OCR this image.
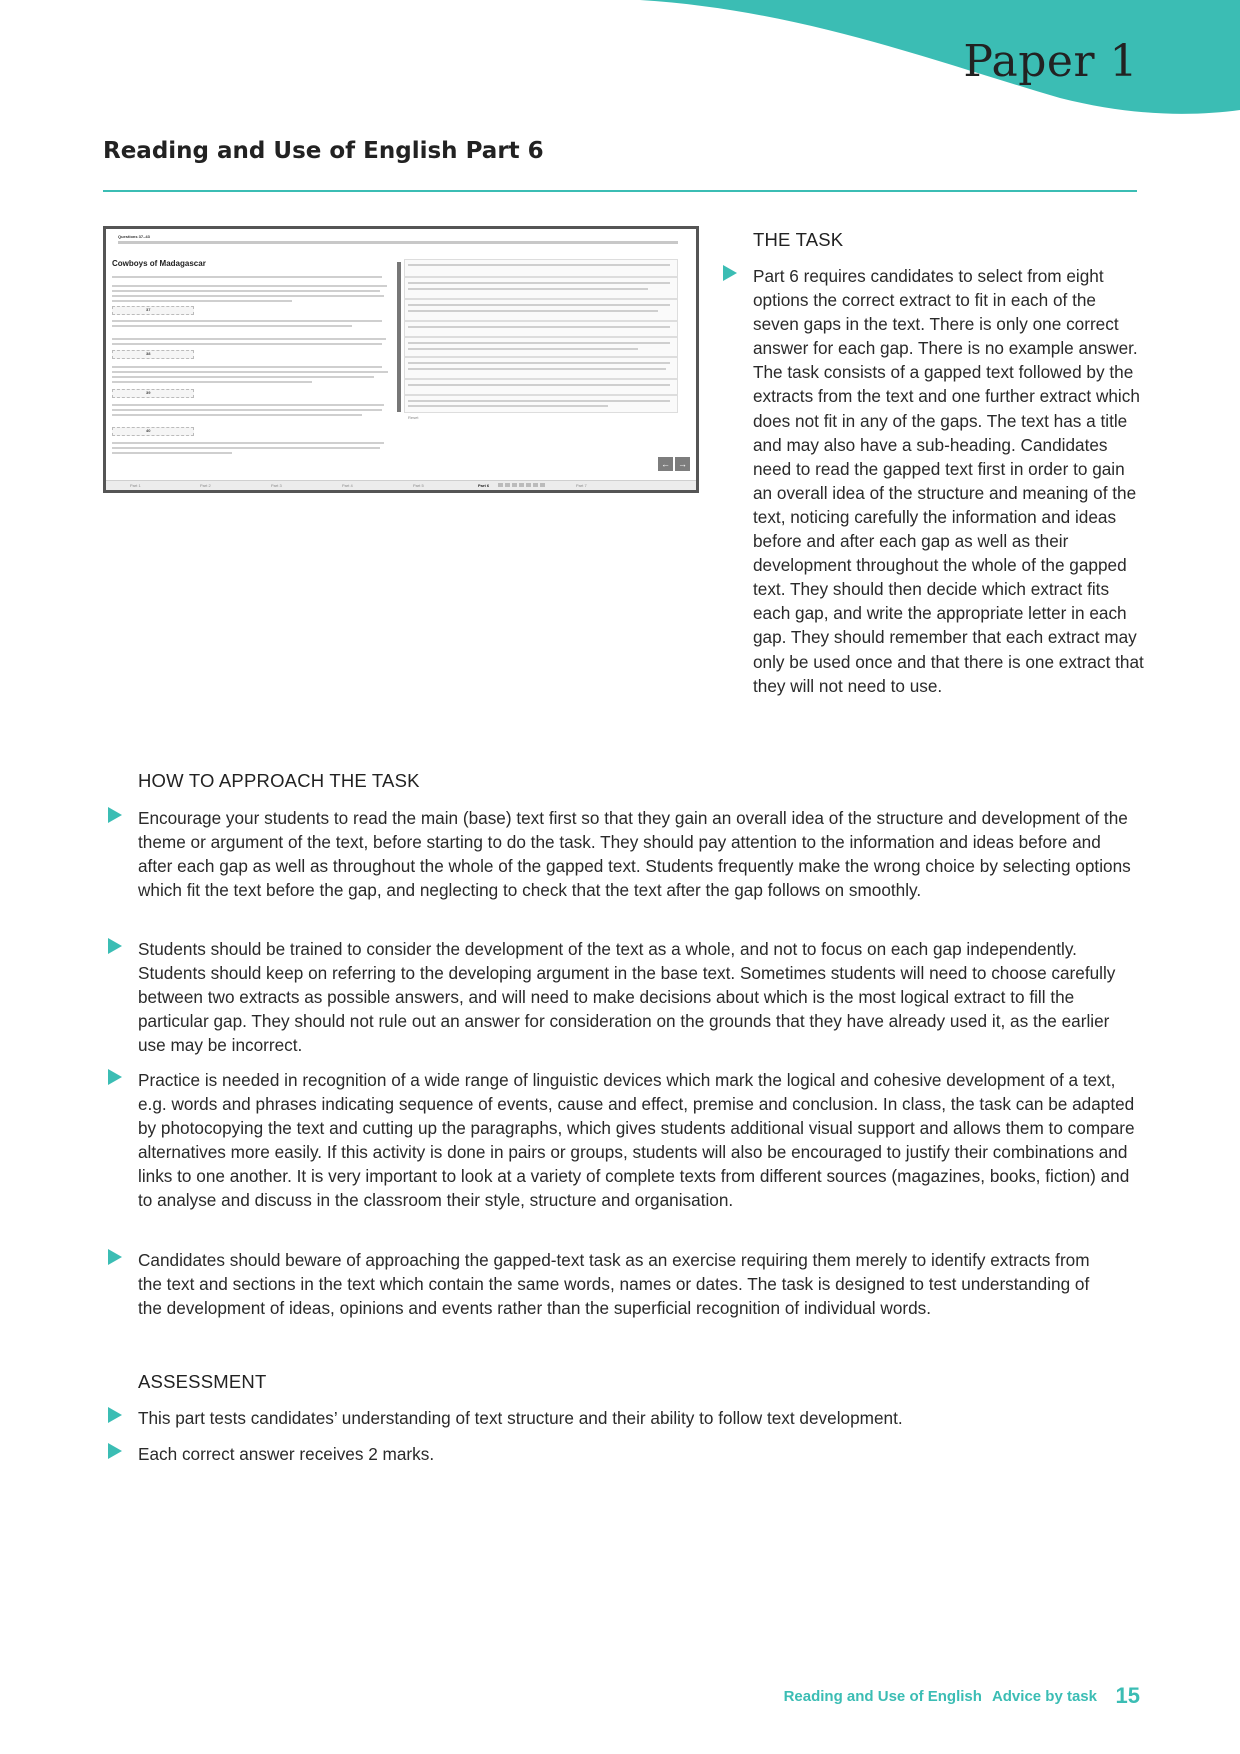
Paper 1
Reading and Use of English Part 6
Questions 37–43
Cowboys of Madagascar
37
38
39
40
Reset
← →
Part 1	Part 2	Part 3	Part 4	Part 5	Part 6	Part 7
THE TASK
Part 6 requires candidates to select from eight options the correct extract to fit in each of the seven gaps in the text. There is only one correct answer for each gap. There is no example answer. The task consists of a gapped text followed by the extracts from the text and one further extract which does not fit in any of the gaps. The text has a title and may also have a sub-heading. Candidates need to read the gapped text first in order to gain an overall idea of the structure and meaning of the text, noticing carefully the information and ideas before and after each gap as well as their development throughout the whole of the gapped text. They should then decide which extract fits each gap, and write the appropriate letter in each gap. They should remember that each extract may only be used once and that there is one extract that they will not need to use.
HOW TO APPROACH THE TASK
Encourage your students to read the main (base) text first so that they gain an overall idea of the structure and development of the theme or argument of the text, before starting to do the task. They should pay attention to the information and ideas before and after each gap as well as throughout the whole of the gapped text. Students frequently make the wrong choice by selecting options which fit the text before the gap, and neglecting to check that the text after the gap follows on smoothly.
Students should be trained to consider the development of the text as a whole, and not to focus on each gap independently. Students should keep on referring to the developing argument in the base text. Sometimes students will need to choose carefully between two extracts as possible answers, and will need to make decisions about which is the most logical extract to fill the particular gap. They should not rule out an answer for consideration on the grounds that they have already used it, as the earlier use may be incorrect.
Practice is needed in recognition of a wide range of linguistic devices which mark the logical and cohesive development of a text, e.g. words and phrases indicating sequence of events, cause and effect, premise and conclusion. In class, the task can be adapted by photocopying the text and cutting up the paragraphs, which gives students additional visual support and allows them to compare alternatives more easily. If this activity is done in pairs or groups, students will also be encouraged to justify their combinations and links to one another. It is very important to look at a variety of complete texts from different sources (magazines, books, fiction) and to analyse and discuss in the classroom their style, structure and organisation.
Candidates should beware of approaching the gapped-text task as an exercise requiring them merely to identify extracts from the text and sections in the text which contain the same words, names or dates. The task is designed to test understanding of the development of ideas, opinions and events rather than the superficial recognition of individual words.
ASSESSMENT
This part tests candidates’ understanding of text structure and their ability to follow text development.
Each correct answer receives 2 marks.
Reading and Use of English Advice by task 15
